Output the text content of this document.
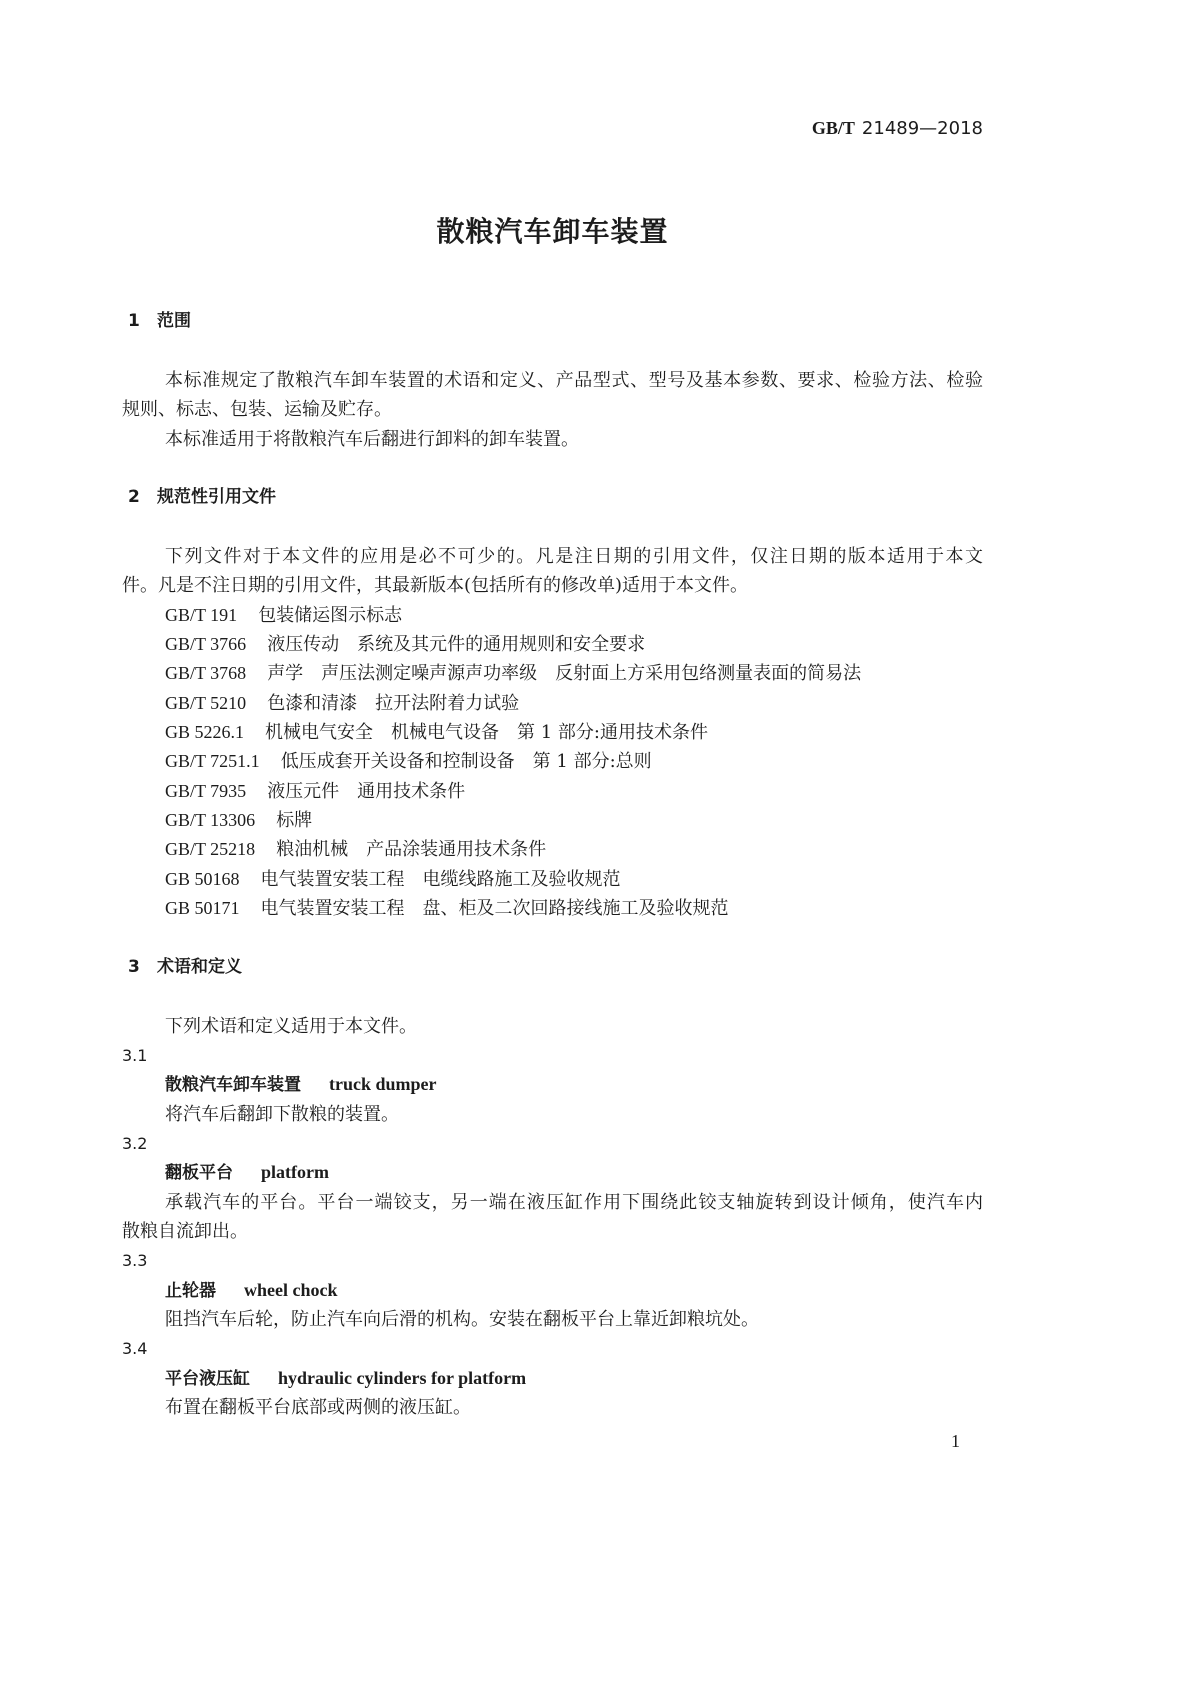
GB/T 21489—2018
散粮汽车卸车装置
1 范围
本标准规定了散粮汽车卸车装置的术语和定义、产品型式、型号及基本参数、要求、检验方法、检验
规则、标志、包装、运输及贮存。
本标准适用于将散粮汽车后翻进行卸料的卸车装置。
2 规范性引用文件
下列文件对于本文件的应用是必不可少的。凡是注日期的引用文件，仅注日期的版本适用于本文
件。凡是不注日期的引用文件，其最新版本(包括所有的修改单)适用于本文件。
GB/T 191 包装储运图示标志
GB/T 3766 液压传动　系统及其元件的通用规则和安全要求
GB/T 3768 声学　声压法测定噪声源声功率级　反射面上方采用包络测量表面的简易法
GB/T 5210 色漆和清漆　拉开法附着力试验
GB 5226.1 机械电气安全　机械电气设备　第 1 部分:通用技术条件
GB/T 7251.1 低压成套开关设备和控制设备　第 1 部分:总则
GB/T 7935 液压元件　通用技术条件
GB/T 13306 标牌
GB/T 25218 粮油机械　产品涂装通用技术条件
GB 50168 电气装置安装工程　电缆线路施工及验收规范
GB 50171 电气装置安装工程　盘、柜及二次回路接线施工及验收规范
3 术语和定义
下列术语和定义适用于本文件。
3.1
散粮汽车卸车装置 truck dumper
将汽车后翻卸下散粮的装置。
3.2
翻板平台 platform
承载汽车的平台。平台一端铰支，另一端在液压缸作用下围绕此铰支轴旋转到设计倾角，使汽车内
散粮自流卸出。
3.3
止轮器 wheel chock
阻挡汽车后轮，防止汽车向后滑的机构。安装在翻板平台上靠近卸粮坑处。
3.4
平台液压缸 hydraulic cylinders for platform
布置在翻板平台底部或两侧的液压缸。
1
